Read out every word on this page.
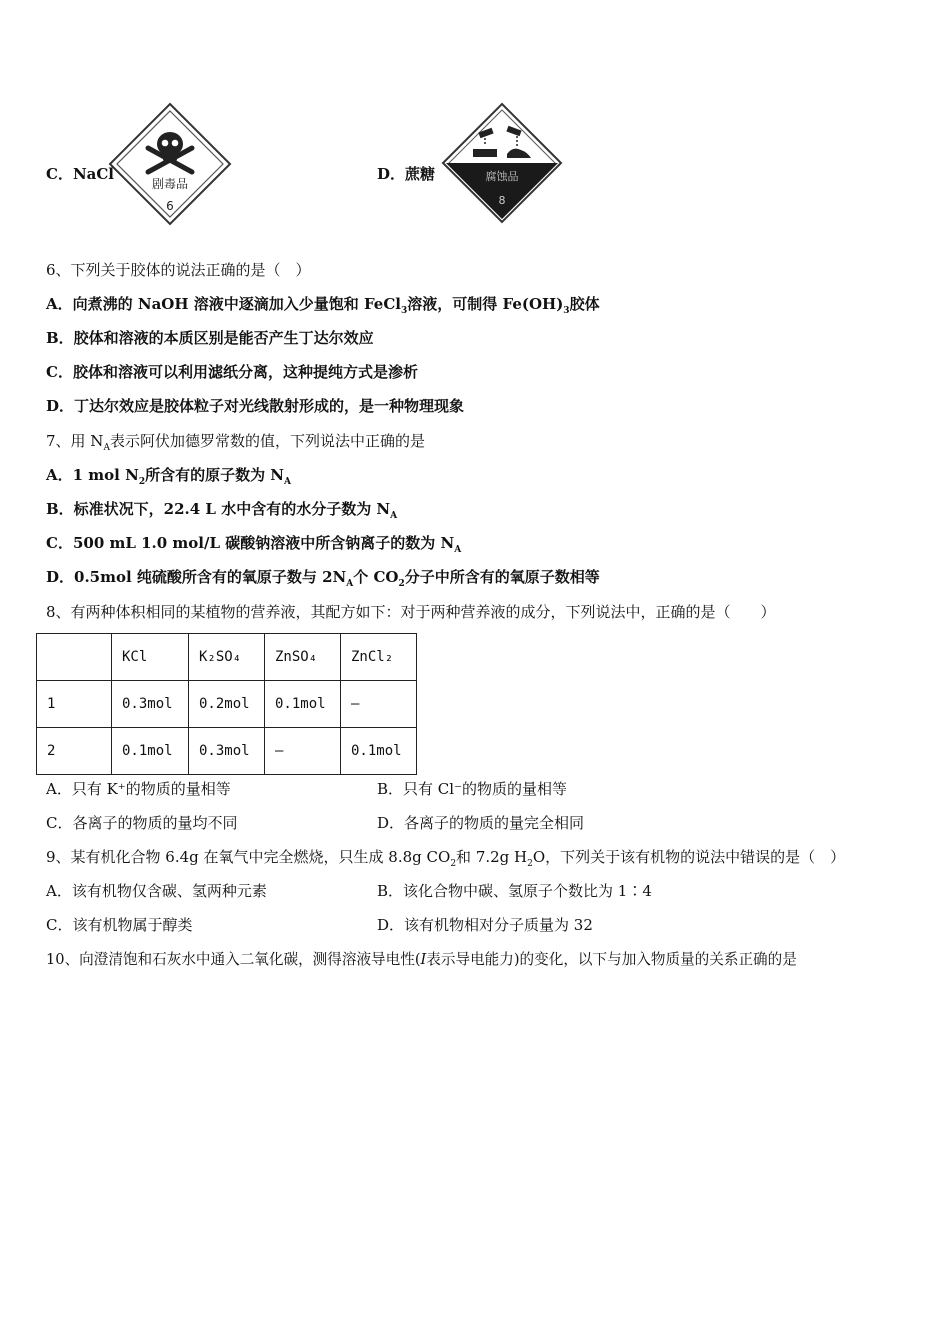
C．NaCl
剧毒品
6
D．蔗糖	腐蚀品
8
6、下列关于胶体的说法正确的是（　）
A．向煮沸的 NaOH 溶液中逐滴加入少量饱和 FeCl$_3$溶液，可制得 $Fe(OH)_3$胶体
B．胶体和溶液的本质区别是能否产生丁达尔效应
C．胶体和溶液可以利用滤纸分离，这种提纯方式是渗析
D．丁达尔效应是胶体粒子对光线散射形成的，是一种物理现象
7、用 $N_A$表示阿伏加德罗常数的值，下列说法中正确的是
A．1 mol $N_2$所含有的原子数为 $N_A$
B．标准状况下，22.4 L 水中含有的水分子数为 $N_A$
C．500 mL 1.0 mol/L 碳酸钠溶液中所含钠离子的数为 $N_A$
D．0.5mol 纯硫酸所含有的氧原子数与 $2N_A$个 $CO_2$分子中所含有的氧原子数相等
8、有两种体积相同的某植物的营养液，其配方如下：对于两种营养液的成分，下列说法中，正确的是（　　）
	KCl	K₂SO₄	ZnSO₄	ZnCl₂
1	0.3mol	0.2mol	0.1mol	—
2	0.1mol	0.3mol	—	0.1mol
A．只有 K⁺的物质的量相等	B．只有 Cl⁻的物质的量相等
C．各离子的物质的量均不同	D．各离子的物质的量完全相同
9、某有机化合物 6.4g 在氧气中完全燃烧，只生成 8.8g $CO_2$和 7.2g $H_2O$，下列关于该有机物的说法中错误的是（　）
A．该有机物仅含碳、氢两种元素	B．该化合物中碳、氢原子个数比为 1∶4
C．该有机物属于醇类	D．该有机物相对分子质量为 32
10、向澄清饱和石灰水中通入二氧化碳，测得溶液导电性(I表示导电能力)的变化，以下与加入物质量的关系正确的是
